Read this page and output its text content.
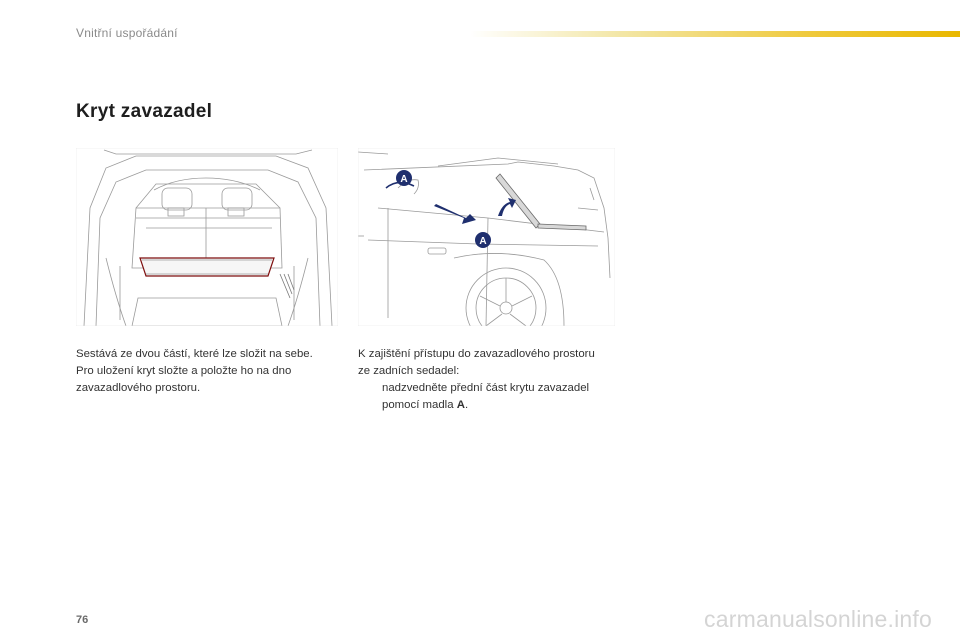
Vnitřní uspořádání
Kryt zavazadel
A
A

Sestává ze dvou částí, které lze složit na sebe.

Pro uložení kryt složte a položte ho na dno

zavazadlového prostoru.

K zajištění přístupu do zavazadlového prostoru

ze zadních sedadel:

nadzvedněte přední část krytu zavazadel
pomocí madla A.
76	carmanualsonline.info
